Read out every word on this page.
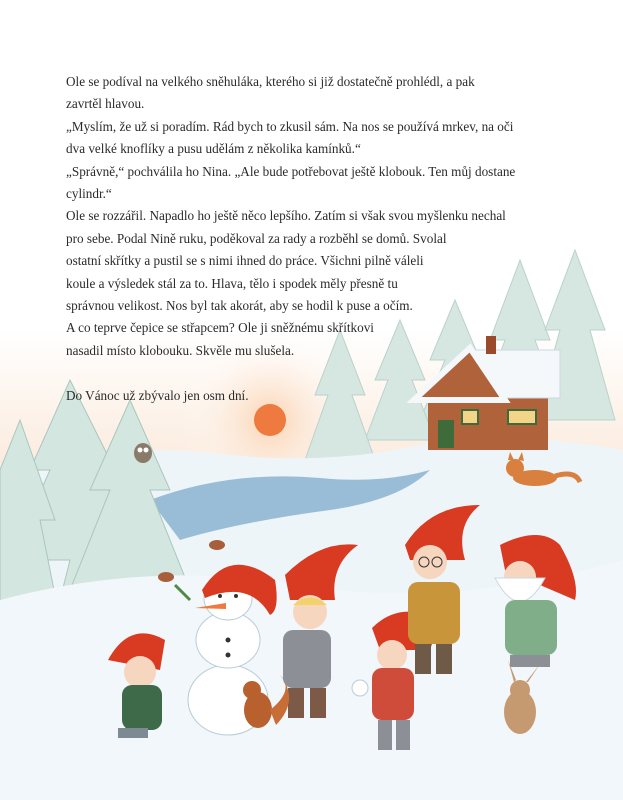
Ole se podíval na velkého sněhuláka, kterého si již dostatečně prohlédl, a pak
zavrtěl hlavou.
„Myslím, že už si poradím. Rád bych to zkusil sám. Na nos se používá mrkev, na oči
dva velké knoflíky a pusu udělám z několika kamínků.“
„Správně,“ pochválila ho Nina. „Ale bude potřebovat ještě klobouk. Ten můj dostane
cylindr.“
Ole se rozzářil. Napadlo ho ještě něco lepšího. Zatím si však svou myšlenku nechal
pro sebe. Podal Nině ruku, poděkoval za rady a rozběhl se domů. Svolal
ostatní skřítky a pustil se s nimi ihned do práce. Všichni pilně váleli
koule a výsledek stál za to. Hlava, tělo i spodek měly přesně tu
správnou velikost. Nos byl tak akorát, aby se hodil k puse a očím.
A co teprve čepice se střapcem? Ole ji sněžnému skřítkovi
nasadil místo klobouku. Skvěle mu slušela.
Do Vánoc už zbývalo jen osm dní.
